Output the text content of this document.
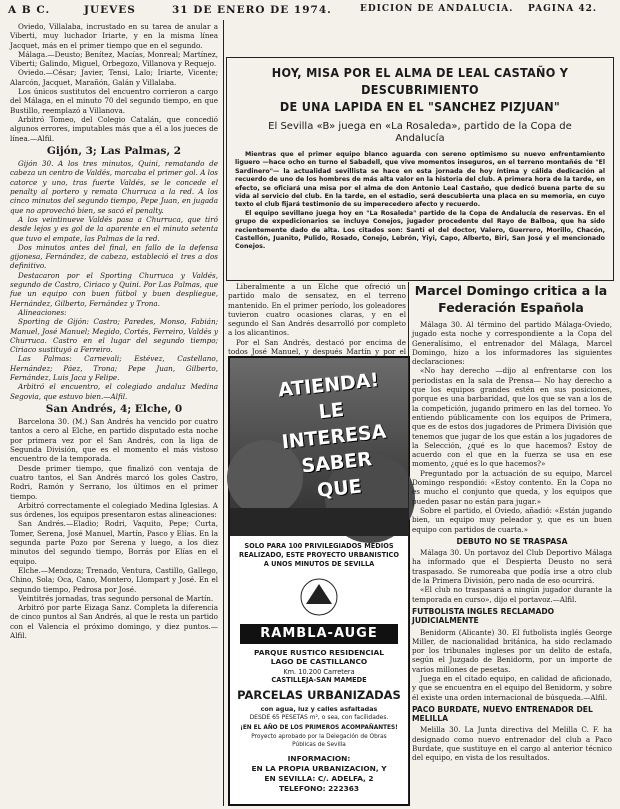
A B C.	JUEVES	31 DE ENERO DE 1974.	EDICION DE ANDALUCIA. PAGINA 42.

Oviedo, Villalaba, incrustado en su tarea de anular a Viberti, muy luchador Iriarte, y en la misma línea Jacquet, más en el primer tiempo que en el segundo.

Málaga.—Deusto; Benítez, Macías, Monreal; Martínez, Viberti; Galindo, Miguel, Orbegozo, Villanova y Requejo.

Oviedo.—César; Javier, Tensi, Lalo; Iriarte, Vicente; Alarcón, Jacquet, Marañón, Galán y Villalaba.

Los únicos sustitutos del encuentro corrieron a cargo del Málaga, en el minuto 70 del segundo tiempo, en que Bustillo, reemplazó a Villanova.

Arbitró Tomeo, del Colegio Catalán, que concedió algunos errores, imputables más que a él a los jueces de línea.—Alfil.

Gijón, 3; Las Palmas, 2

Gijón 30. A los tres minutos, Quini, rematando de cabeza un centro de Valdés, marcaba el primer gol. A los catorce y uno, tras fuerte Valdés, se le concede el penalty al portero y remata Churruca a la red. A los cinco minutos del segundo tiempo, Pepe Juan, en jugada que no aprovechó bien, se sacó el penalty.

A los veintinueve Valdés pasa a Churruca, que tiró desde lejos y es gol de la aparente en el minuto setenta que tuvo el empate, las Palmas de la red.

Dos minutos antes del final, en fallo de la defensa gijonesa, Fernández, de cabeza, estableció el tres a dos definitivo.

Destacaron por el Sporting Churruca y Valdés, segundo de Castro, Ciriaco y Quini. Por Las Palmas, que fue un equipo con buen fútbol y buen despliegue, Hernández, Gilberto, Fernández y Trona.

Alineaciones:

Sporting de Gijón: Castro; Paredes, Monso, Fabián; Manuel, José Manuel; Megido, Cortés, Ferreiro, Valdés y Churruca. Castro en el lugar del segundo tiempo; Ciriaco sustituyó a Ferreiro.

Las Palmas: Carnevali; Estévez, Castellano, Hernández; Páez, Trona; Pepe Juan, Gilberto, Fernández, Luis Jaca y Felipe.

Arbitró el encuentro, el colegiado andaluz Medina Segovia, que estuvo bien.—Alfil.

San Andrés, 4; Elche, 0

Barcelona 30. (M.) San Andrés ha vencido por cuatro tantos a cero al Elche, en partido disputado esta noche por primera vez por el San Andrés, con la liga de Segunda División, que es el momento el más vistoso encuentro de la temporada.

Desde primer tiempo, que finalizó con ventaja de cuatro tantos, el San Andrés marcó los goles Castro, Rodri, Ramón y Serrano, los últimos en el primer tiempo.

Arbitró correctamente el colegiado Medina Iglesias. A sus órdenes, los equipos presentaron estas alineaciones:

San Andrés.—Eladio; Rodri, Vaquito, Pepe; Curta, Tomer, Serena, José Manuel, Martín, Pasco y Elías. En la segunda parte Pozo por Serena y luego, a los diez minutos del segundo tiempo, Borrás por Elías en el equipo.

Elche.—Mendoza; Trenado, Ventura, Castillo, Gallego, Chino, Sola; Oca, Cano, Montero, Llompart y José. En el segundo tiempo, Pedrosa por José.

Veintitrés jornadas, tras segundo personal de Martín.

Arbitró por parte Eizaga Sanz. Completa la diferencia de cinco puntos al San Andrés, al que le resta un partido con el Valencia el próximo domingo, y diez puntos.—Alfil.

HOY, MISA POR EL ALMA DE LEAL CASTAÑO Y DESCUBRIMIENTO
DE UNA LAPIDA EN EL "SANCHEZ PIZJUAN"
El Sevilla «B» juega en «La Rosaleda», partido de la Copa de
Andalucía
Mientras que el primer equipo blanco aguarda con sereno optimismo su nuevo enfrentamiento liguero —hace ocho en turno el Sabadell, que vive momentos inseguros, en el terreno montañés de "El Sardinero"— la actualidad sevillista se hace en esta jornada de hoy íntima y cálida dedicación al recuerdo de uno de los hombres de más alta valor en la historia del club. A primera hora de la tarde, en efecto, se oficiará una misa por el alma de don Antonio Leal Castaño, que dedicó buena parte de su vida al servicio del club. En la tarde, en el estadio, será descubierta una placa en su memoria, en cuyo texto el club fijará testimonio de su imperecedero afecto y recuerdo.
El equipo sevillano juega hoy en "La Rosaleda" partido de la Copa de Andalucía de reservas. En el grupo de expedicionarios se incluye Conejos, jugador procedente del Rayo de Balboa, que ha sido recientemente dado de alta. Los citados son: Santi el del doctor, Valero, Guerrero, Morillo, Chacón, Castellón, Juanito, Pulido, Rosado, Conejo, Lebrón, Yiyi, Capo, Alberto, Biri, San José y el mencionado Conejos.

Liberalmente a un Elche que ofreció un partido malo de sensatez, en el terreno mantenido. En el primer período, los goleadores tuvieron cuatro ocasiones claras, y en el segundo el San Andrés desarrolló por completo a los alicantinos.

Por el San Andrés, destacó por encima de todos José Manuel, y después Martín y por el

ATIENDA! LE INTERESA SABER QUE
SOLO PARA 100 PRIVILEGIADOS MEDIOS
REALIZADO, ESTE PROYECTO URBANISTICO
A UNOS MINUTOS DE SEVILLA
RAMBLA-AUGE
PARQUE RUSTICO RESIDENCIAL
LAGO DE CASTILLANCO
Km. 10.200 Carretera
CASTILLEJA-SAN MAMEDE
PARCELAS URBANIZADAS
con agua, luz y calles asfaltadas
DESDE 65 PESETAS m², o sea, con facilidades.
¡EN EL AÑO DE LOS PRIMEROS ACOMPAÑANTES!
Proyecto aprobado por la Delegación de Obras Públicas de Sevilla
INFORMACION:
EN LA PROPIA URBANIZACION, Y
EN SEVILLA: C/. ADELFA, 2
TELEFONO: 222363
Marcel Domingo critica a la Federación Española

Málaga 30. Al término del partido Málaga-Oviedo, jugado esta noche y correspondiente a la Copa del Generalísimo, el entrenador del Málaga, Marcel Domingo, hizo a los informadores las siguientes declaraciones:

«No hay derecho —dijo al enfrentarse con los periodistas en la sala de Prensa— No hay derecho a que los equipos grandes estén en sus posiciones, porque es una barbaridad, que los que se van a los de la competición, jugando primero en las del torneo. Yo entiendo públicamente con los equipos de Primera, que es de estos dos jugadores de Primera División que tenemos que jugar de los que están a los jugadores de la Selección, ¿qué es lo que hacemos? Estoy de acuerdo con el que en la fuerza se usa en ese momento, ¿qué es lo que hacemos?»

Preguntado por la actuación de su equipo, Marcel Domingo respondió: «Estoy contento. En la Copa no es mucho el conjunto que queda, y los equipos que pueden pasar no están para jugar.»

Sobre el partido, el Oviedo, añadió: «Están jugando bien, un equipo muy peleador y, que es un buen equipo con partidos de cuarta.»

DEBUTO NO SE TRASPASA

Málaga 30. Un portavoz del Club Deportivo Málaga ha informado que el Despierta Deusto no será traspasado. Se rumoreaba que podía irse a otro club de la Primera División, pero nada de eso ocurrirá.

«El club no traspasará a ningún jugador durante la temporada en curso», dijo el portavoz.—Alfil.

FUTBOLISTA INGLES RECLAMADO JUDICIALMENTE

Benidorm (Alicante) 30. El futbolista inglés George Miller, de nacionalidad británica, ha sido reclamado por los tribunales ingleses por un delito de estafa, según el Juzgado de Benidorm, por un importe de varios millones de pesetas.

Juega en el citado equipo, en calidad de aficionado, y que se encuentra en el equipo del Benidorm, y sobre él existe una orden internacional de búsqueda.—Alfil.

PACO BURDATE, NUEVO ENTRENADOR DEL MELILLA

Melilla 30. La Junta directiva del Melilla C. F. ha designado como nuevo entrenador del club a Paco Burdate, que sustituye en el cargo al anterior técnico del equipo, en vista de los resultados.
